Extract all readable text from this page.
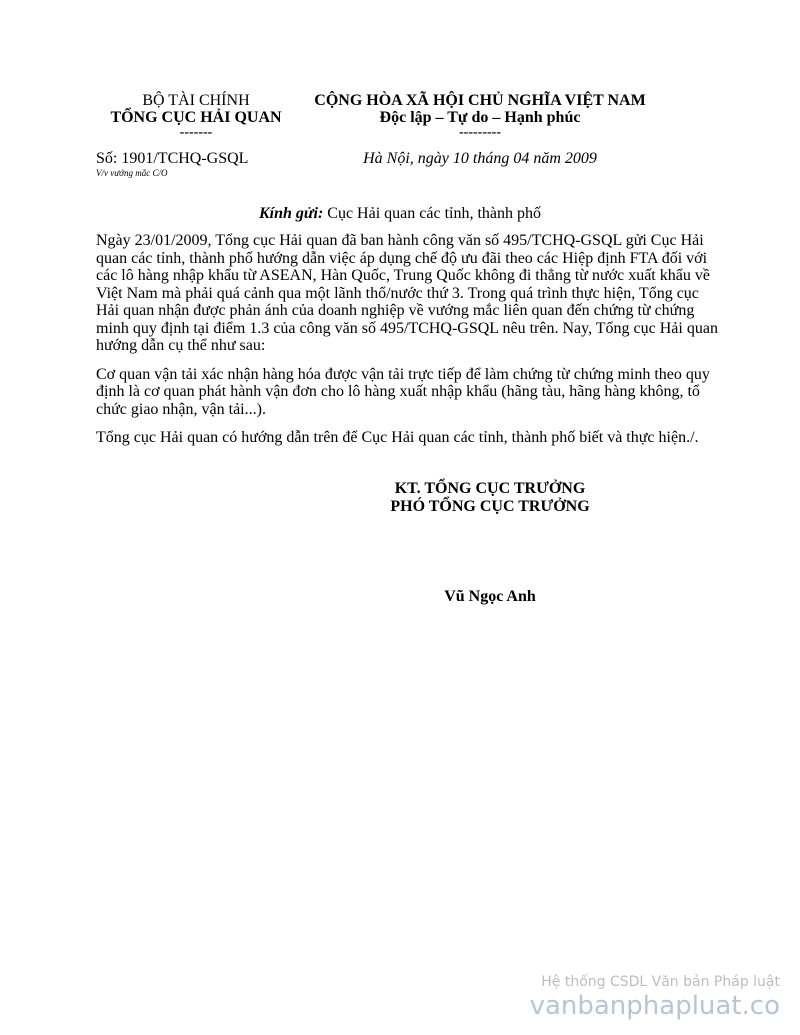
BỘ TÀI CHÍNH
TỔNG CỤC HẢI QUAN
-------
CỘNG HÒA XÃ HỘI CHỦ NGHĨA VIỆT NAM
Độc lập – Tự do – Hạnh phúc
---------
Số: 1901/TCHQ-GSQL
V/v vướng mắc C/O
Hà Nội, ngày 10 tháng 04 năm 2009
Kính gửi: Cục Hải quan các tỉnh, thành phố

Ngày 23/01/2009, Tổng cục Hải quan đã ban hành công văn số 495/TCHQ-GSQL gửi Cục Hải quan các tỉnh, thành phố hướng dẫn việc áp dụng chế độ ưu đãi theo các Hiệp định FTA đối với các lô hàng nhập khẩu từ ASEAN, Hàn Quốc, Trung Quốc không đi thẳng từ nước xuất khẩu về Việt Nam mà phải quá cảnh qua một lãnh thổ/nước thứ 3. Trong quá trình thực hiện, Tổng cục Hải quan nhận được phản ánh của doanh nghiệp về vướng mắc liên quan đến chứng từ chứng minh quy định tại điểm 1.3 của công văn số 495/TCHQ-GSQL nêu trên. Nay, Tổng cục Hải quan hướng dẫn cụ thể như sau:

Cơ quan vận tải xác nhận hàng hóa được vận tải trực tiếp để làm chứng từ chứng minh theo quy định là cơ quan phát hành vận đơn cho lô hàng xuất nhập khẩu (hãng tàu, hãng hàng không, tổ chức giao nhận, vận tải...).

Tổng cục Hải quan có hướng dẫn trên để Cục Hải quan các tỉnh, thành phố biết và thực hiện./.

KT. TỔNG CỤC TRƯỞNG
PHÓ TỔNG CỤC TRƯỞNG
Vũ Ngọc Anh
Hệ thống CSDL Văn bản Pháp luật
vanbanphapluat.co
